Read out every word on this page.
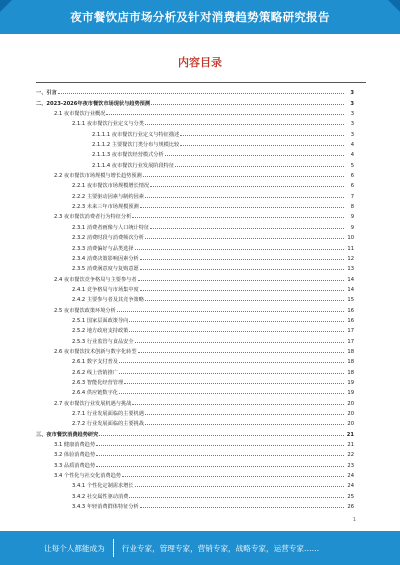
夜市餐饮店市场分析及针对消费趋势策略研究报告
内容目录
一、引言	3
二、2023-2026年夜市餐饮市场现状与趋势预测	3
2.1 夜市餐饮行业概况	3
2.1.1 夜市餐饮行业定义与分类	3
2.1.1.1 夜市餐饮行业定义与特征描述	3
2.1.1.2 主要餐饮门类分布与规模比较	4
2.1.1.3 夜市餐饮经营模式分析	4
2.1.1.4 夜市餐饮行业发展阶段特征	5
2.2 夜市餐饮市场规模与增长趋势预测	6
2.2.1 夜市餐饮市场规模增长情况	6
2.2.2 主要驱动因素与制约因素	7
2.2.3 未来三年市场规模预测	8
2.3 夜市餐饮消费者行为特征分析	9
2.3.1 消费者画像与人口统计特征	9
2.3.2 消费时段与消费频次分析	10
2.3.3 消费偏好与品类选择	11
2.3.4 消费决策影响因素分析	12
2.3.5 消费满意度与复购意愿	13
2.4 夜市餐饮竞争格局与主要参与者	14
2.4.1 竞争格局与市场集中度	14
2.4.2 主要参与者及其竞争策略	15
2.5 夜市餐饮政策环境分析	16
2.5.1 国家层面政策导向	16
2.5.2 地方政府支持政策	17
2.5.3 行业监管与食品安全	17
2.6 夜市餐饮技术创新与数字化转型	18
2.6.1 数字支付普及	18
2.6.2 线上营销推广	18
2.6.3 智能化经营管理	19
2.6.4 供应链数字化	19
2.7 夜市餐饮行业发展机遇与挑战	20
2.7.1 行业发展面临的主要机遇	20
2.7.2 行业发展面临的主要挑战	20
三、夜市餐饮消费趋势研究	21
3.1 健康消费趋势	21
3.2 体验消费趋势	22
3.3 品质消费趋势	23
3.4 个性化与社交化消费趋势	24
3.4.1 个性化定制需求增长	24
3.4.2 社交属性驱动消费	25
3.4.3 年轻消费群体特征分析	26
1
让每个人都能成为 行业专家，管理专家，营销专家，战略专家，运营专家……
